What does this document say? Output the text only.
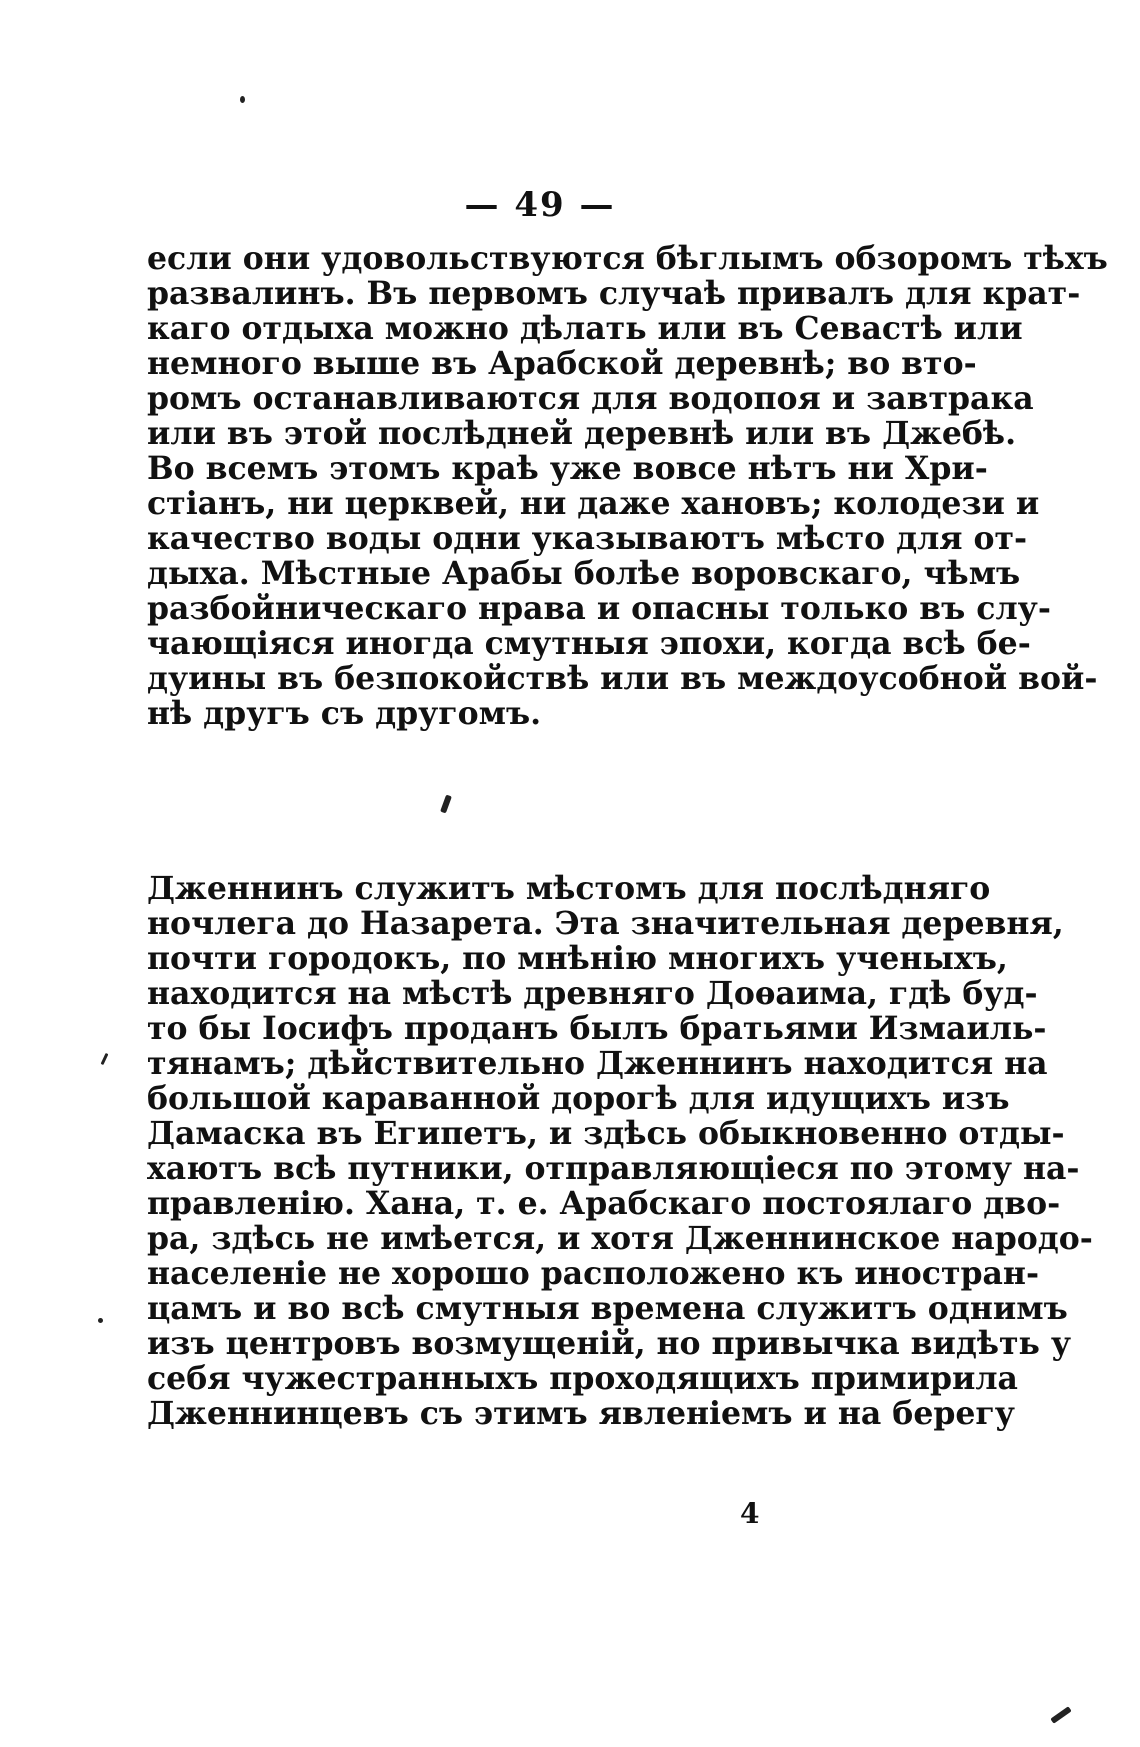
— 49 —
если они удовольствуются бѣглымъ обзоромъ тѣхъ
развалинъ. Въ первомъ случаѣ привалъ для крат-
каго отдыха можно дѣлать или въ Севастѣ или
немного выше въ Арабской деревнѣ; во вто-
ромъ останавливаются для водопоя и завтрака
или въ этой послѣдней деревнѣ или въ Джебѣ.
Во всемъ этомъ краѣ уже вовсе нѣтъ ни Хри-
стіанъ, ни церквей, ни даже хановъ; колодези и
качество воды одни указываютъ мѣсто для от-
дыха. Мѣстные Арабы болѣе воровскаго, чѣмъ
разбойническаго нрава и опасны только въ слу-
чающіяся иногда смутныя эпохи, когда всѣ бе-
дуины въ безпокойствѣ или въ междоусобной вой-
нѣ другъ съ другомъ.
Дженнинъ служитъ мѣстомъ для послѣдняго
ночлега до Назарета. Эта значительная деревня,
почти городокъ, по мнѣнію многихъ ученыхъ,
находится на мѣстѣ древняго Доѳаима, гдѣ буд-
то бы Іосифъ проданъ былъ братьями Измаиль-
тянамъ; дѣйствительно Дженнинъ находится на
большой караванной дорогѣ для идущихъ изъ
Дамаска въ Египетъ, и здѣсь обыкновенно отды-
хаютъ всѣ путники, отправляющіеся по этому на-
правленію. Хана, т. е. Арабскаго постоялаго дво-
ра, здѣсь не имѣется, и хотя Дженнинское народо-
населеніе не хорошо расположено къ иностран-
цамъ и во всѣ смутныя времена служитъ однимъ
изъ центровъ возмущеній, но привычка видѣть у
себя чужестранныхъ проходящихъ примирила
Дженнинцевъ съ этимъ явленіемъ и на берегу
4
